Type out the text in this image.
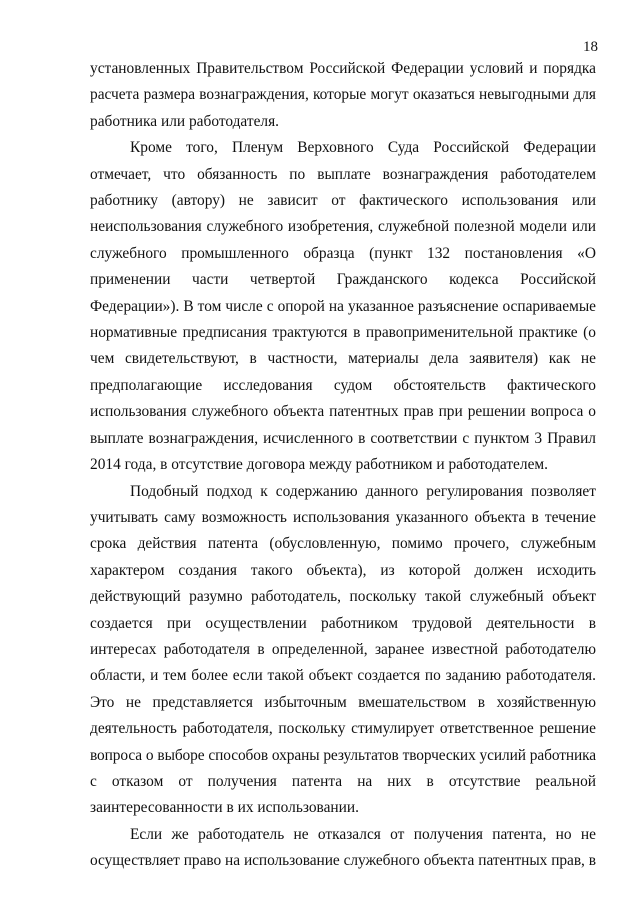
18
установленных Правительством Российской Федерации условий и порядка
расчета размера вознаграждения, которые могут оказаться невыгодными для
работника или работодателя.
Кроме того, Пленум Верховного Суда Российской Федерации
отмечает, что обязанность по выплате вознаграждения работодателем
работнику (автору) не зависит от фактического использования или
неиспользования служебного изобретения, служебной полезной модели или
служебного промышленного образца (пункт 132 постановления «О
применении части четвертой Гражданского кодекса Российской
Федерации»). В том числе с опорой на указанное разъяснение оспариваемые
нормативные предписания трактуются в правоприменительной практике (о
чем свидетельствуют, в частности, материалы дела заявителя) как не
предполагающие исследования судом обстоятельств фактического
использования служебного объекта патентных прав при решении вопроса о
выплате вознаграждения, исчисленного в соответствии с пунктом 3 Правил
2014 года, в отсутствие договора между работником и работодателем.
Подобный подход к содержанию данного регулирования позволяет
учитывать саму возможность использования указанного объекта в течение
срока действия патента (обусловленную, помимо прочего, служебным
характером создания такого объекта), из которой должен исходить
действующий разумно работодатель, поскольку такой служебный объект
создается при осуществлении работником трудовой деятельности в
интересах работодателя в определенной, заранее известной работодателю
области, и тем более если такой объект создается по заданию работодателя.
Это не представляется избыточным вмешательством в хозяйственную
деятельность работодателя, поскольку стимулирует ответственное решение
вопроса о выборе способов охраны результатов творческих усилий работника
с отказом от получения патента на них в отсутствие реальной
заинтересованности в их использовании.
Если же работодатель не отказался от получения патента, но не
осуществляет право на использование служебного объекта патентных прав, в
